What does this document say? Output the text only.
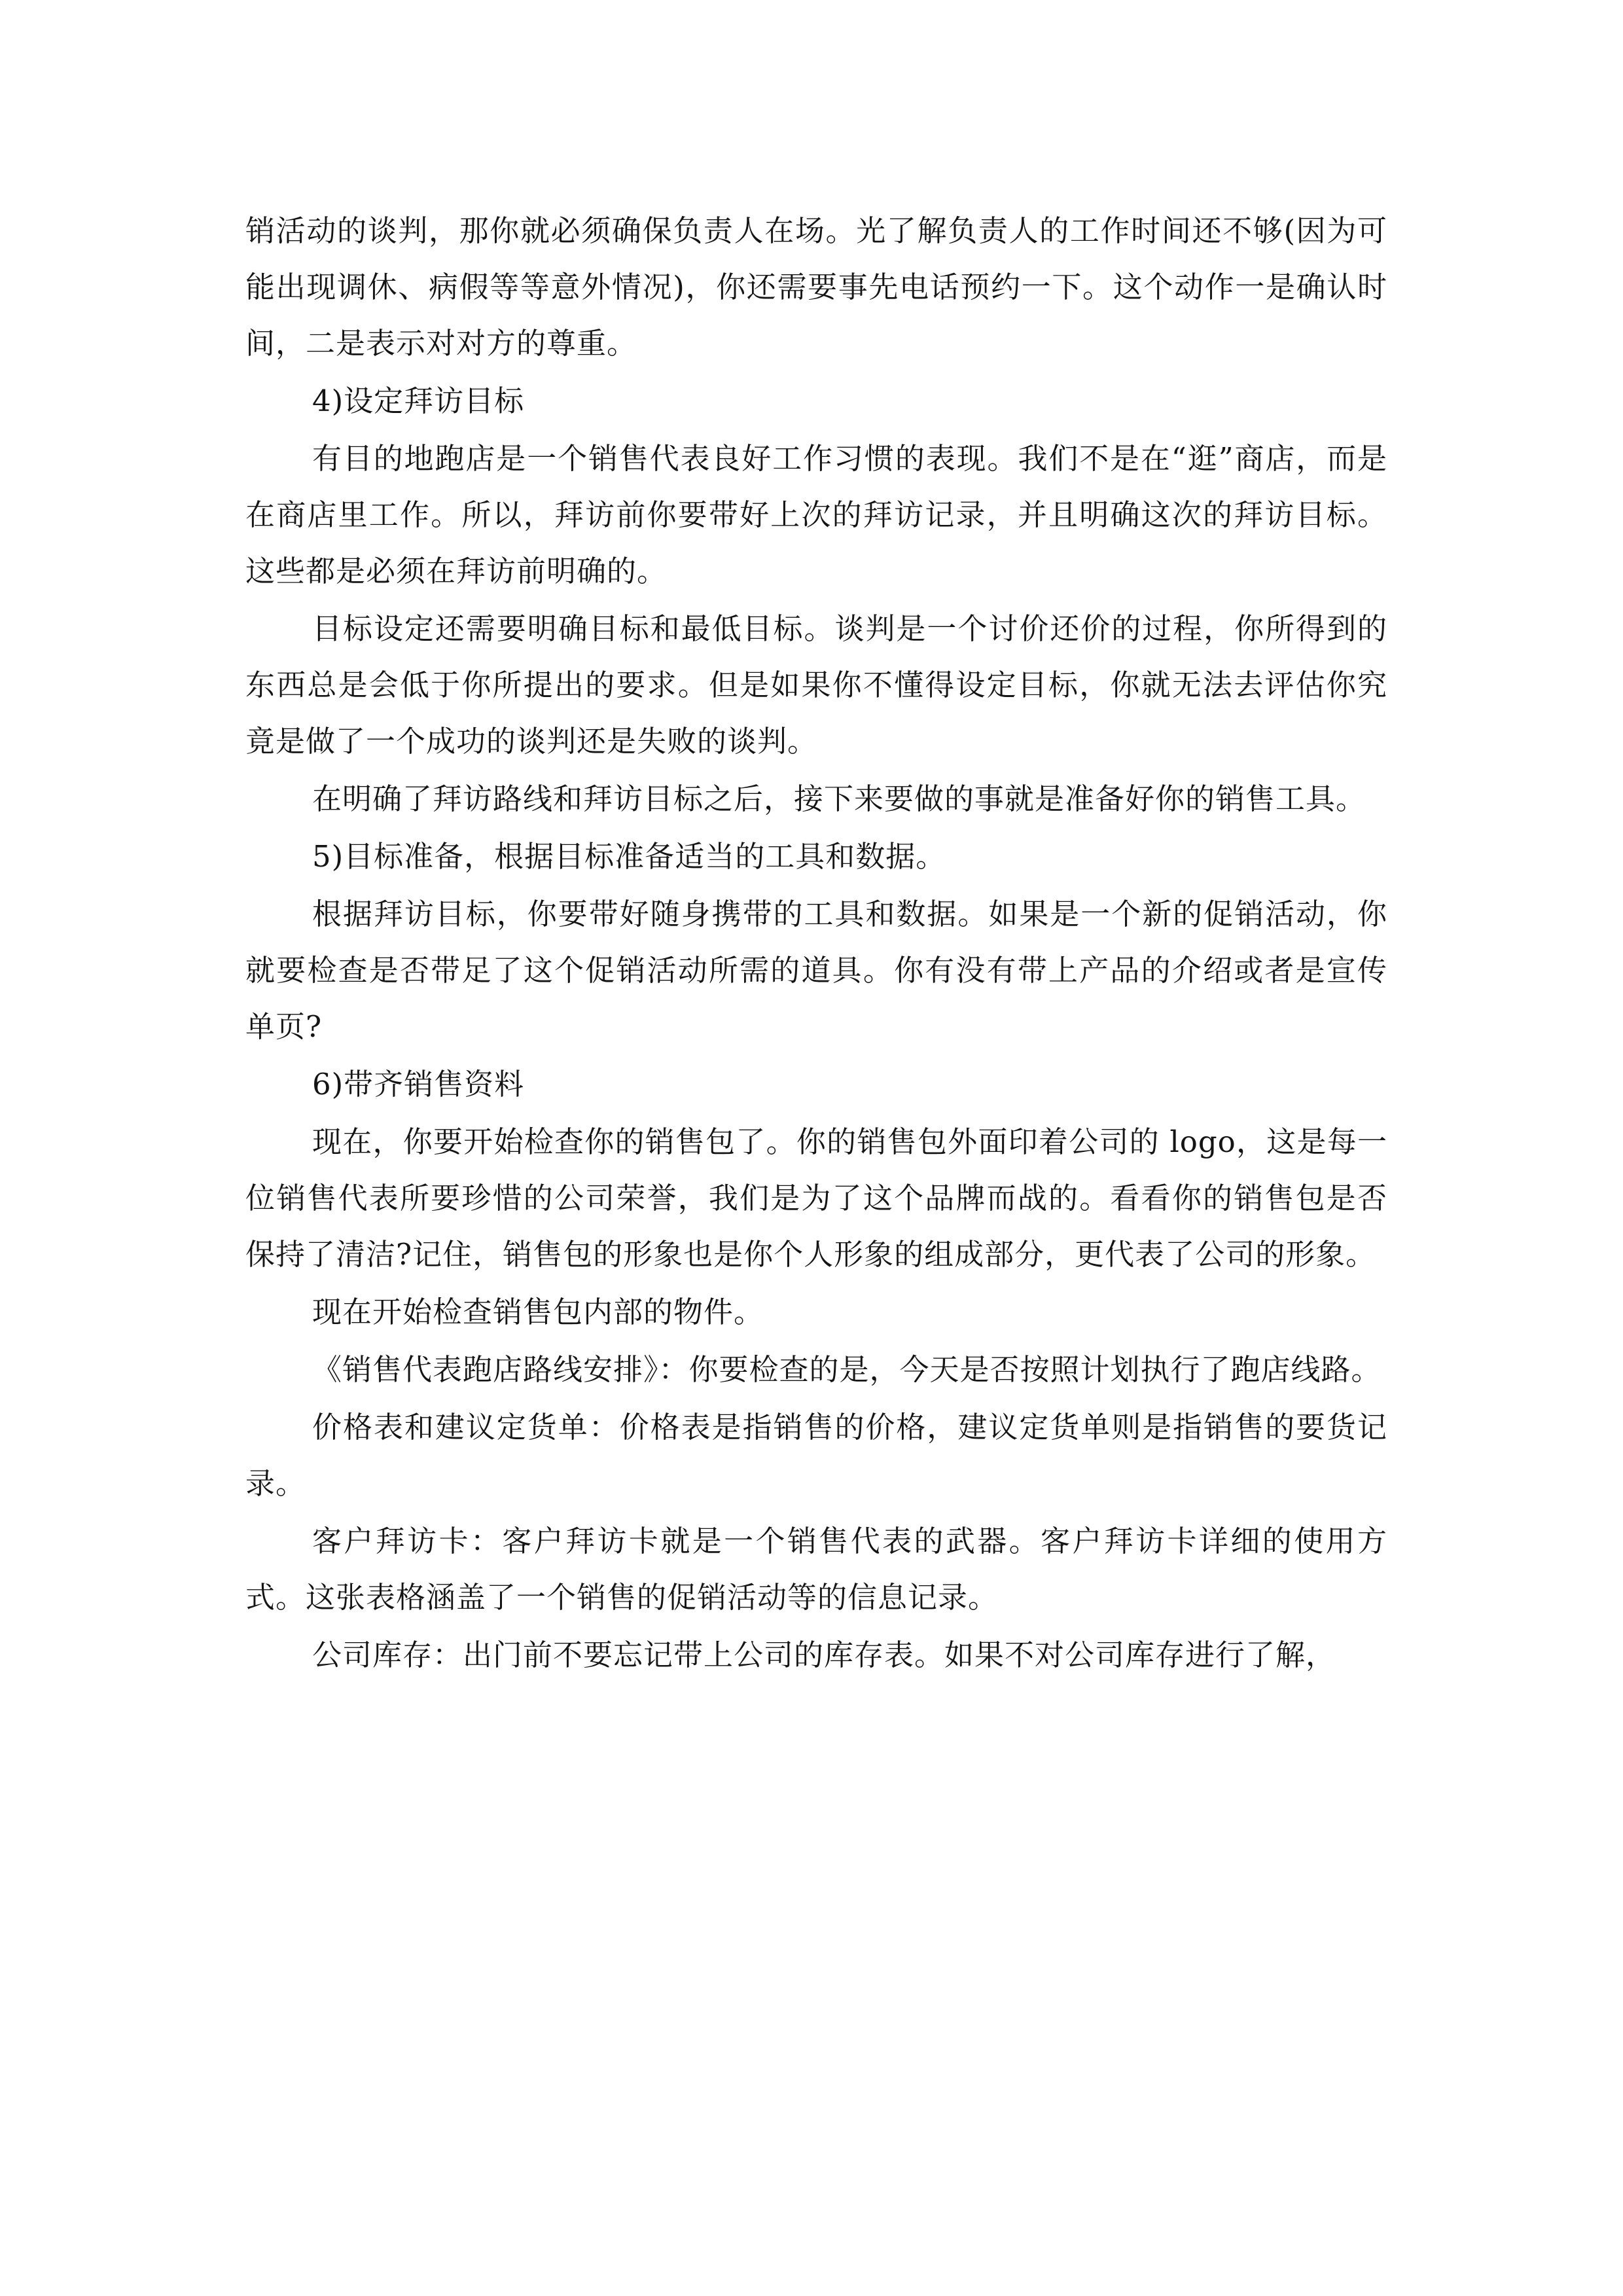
销活动的谈判，那你就必须确保负责人在场。光了解负责人的工作时间还不够(因为可能出现调休、病假等等意外情况)，你还需要事先电话预约一下。这个动作一是确认时间，二是表示对对方的尊重。

4)设定拜访目标

有目的地跑店是一个销售代表良好工作习惯的表现。我们不是在“逛”商店，而是在商店里工作。所以，拜访前你要带好上次的拜访记录，并且明确这次的拜访目标。这些都是必须在拜访前明确的。

目标设定还需要明确目标和最低目标。谈判是一个讨价还价的过程，你所得到的东西总是会低于你所提出的要求。但是如果你不懂得设定目标，你就无法去评估你究竟是做了一个成功的谈判还是失败的谈判。

在明确了拜访路线和拜访目标之后，接下来要做的事就是准备好你的销售工具。

5)目标准备，根据目标准备适当的工具和数据。

根据拜访目标，你要带好随身携带的工具和数据。如果是一个新的促销活动，你就要检查是否带足了这个促销活动所需的道具。你有没有带上产品的介绍或者是宣传单页?

6)带齐销售资料

现在，你要开始检查你的销售包了。你的销售包外面印着公司的 logo，这是每一位销售代表所要珍惜的公司荣誉，我们是为了这个品牌而战的。看看你的销售包是否保持了清洁?记住，销售包的形象也是你个人形象的组成部分，更代表了公司的形象。

现在开始检查销售包内部的物件。

《销售代表跑店路线安排》：你要检查的是，今天是否按照计划执行了跑店线路。

价格表和建议定货单：价格表是指销售的价格，建议定货单则是指销售的要货记录。

客户拜访卡：客户拜访卡就是一个销售代表的武器。客户拜访卡详细的使用方式。这张表格涵盖了一个销售的促销活动等的信息记录。

公司库存：出门前不要忘记带上公司的库存表。如果不对公司库存进行了解，
